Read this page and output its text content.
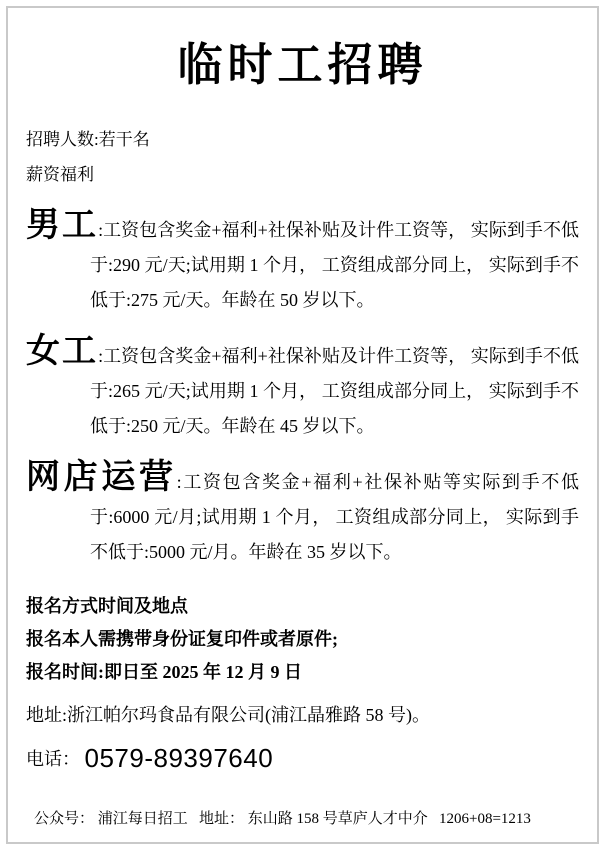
临时工招聘

招聘人数:若干名

薪资福利

男工:工资包含奖金+福利+社保补贴及计件工资等， 实际到手不低于:290 元/天;试用期 1 个月， 工资组成部分同上， 实际到手不低于:275 元/天。年龄在 50 岁以下。

女工:工资包含奖金+福利+社保补贴及计件工资等， 实际到手不低于:265 元/天;试用期 1 个月， 工资组成部分同上， 实际到手不低于:250 元/天。年龄在 45 岁以下。

网店运营:工资包含奖金+福利+社保补贴等实际到手不低于:6000 元/月;试用期 1 个月， 工资组成部分同上， 实际到手不低于:5000 元/月。年龄在 35 岁以下。

报名方式时间及地点

报名本人需携带身份证复印件或者原件;

报名时间:即日至 2025 年 12 月 9 日

地址:浙江帕尔玛食品有限公司(浦江晶雅路 58 号)。

电话： 0579-89397640

公众号： 浦江每日招工   地址： 东山路 158 号草庐人才中介   1206+08=1213
